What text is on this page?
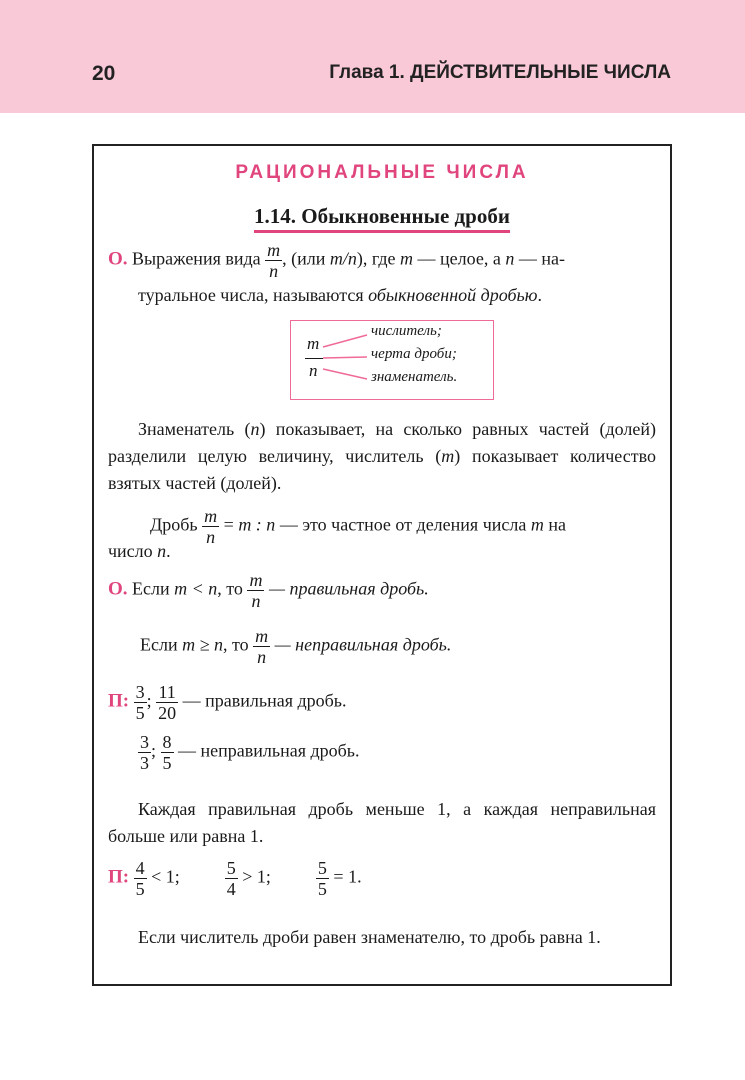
20	Глава 1. ДЕЙСТВИТЕЛЬНЫЕ ЧИСЛА
РАЦИОНАЛЬНЫЕ ЧИСЛА
1.14. Обыкновенные дроби
О. Выражения вида $\frac{m}{n}$ , (или m/n), где m — целое, а n — на-
туральное числа, называются обыкновенной дробью.
m
n
числитель;
черта дроби;
знаменатель.
Знаменатель (n) показывает, на сколько равных частей (долей) разделили целую величину, числитель (m) показывает количество взятых частей (долей).
Дробь $\frac{m}{n} = m$ : n — это частное от деления числа m на
число n.
О. Если m < n, то $\frac{m}{n}$ — правильная дробь.
Если m ≥ n, то $\frac{m}{n}$ — неправильная дробь.
П: $\frac{3}{5}$ ; $\frac{11}{20}$ — правильная дробь.
$\frac{3}{3}$ ; $\frac{8}{5}$ — неправильная дробь.
Каждая правильная дробь меньше 1, а каждая неправильная больше или равна 1.
П: $\frac{4}{5} < 1$;	$\frac{5}{4} > 1$;	$\frac{5}{5} = 1$.
Если числитель дроби равен знаменателю, то дробь равна 1.
